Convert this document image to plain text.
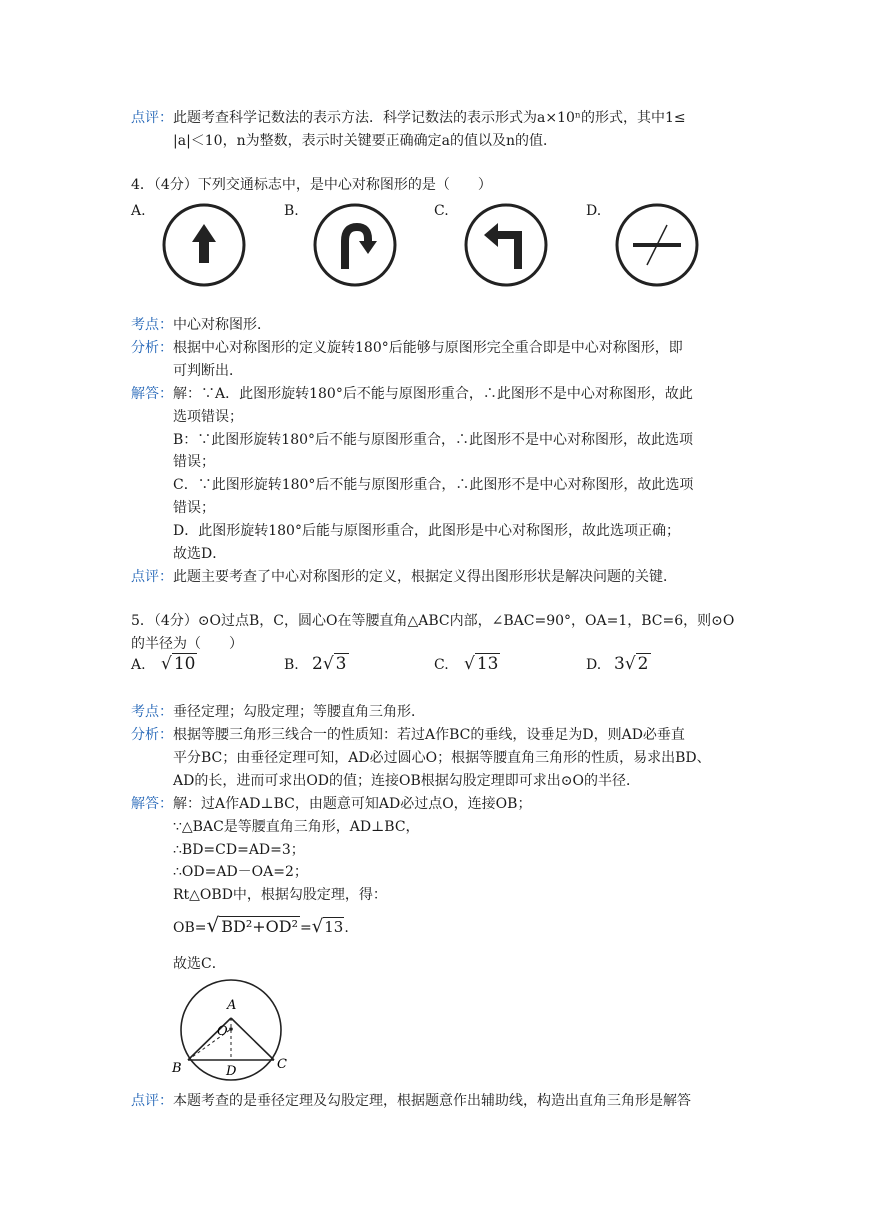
点评：此题考查科学记数法的表示方法．科学记数法的表示形式为a×10ⁿ的形式，其中1≤
|a|＜10，n为整数，表示时关键要正确确定a的值以及n的值．
4．（4分）下列交通标志中，是中心对称图形的是（　　）
A.	B.	C.	D.
考点：中心对称图形．
分析：根据中心对称图形的定义旋转180°后能够与原图形完全重合即是中心对称图形，即
可判断出．
解答：解：∵A．此图形旋转180°后不能与原图形重合，∴此图形不是中心对称图形，故此
选项错误；
B：∵此图形旋转180°后不能与原图形重合，∴此图形不是中心对称图形，故此选项
错误；
C．∵此图形旋转180°后不能与原图形重合，∴此图形不是中心对称图形，故此选项
错误；
D．此图形旋转180°后能与原图形重合，此图形是中心对称图形，故此选项正确；
故选D．
点评：此题主要考查了中心对称图形的定义，根据定义得出图形形状是解决问题的关键．
5．（4分）⊙O过点B，C，圆心O在等腰直角△ABC内部，∠BAC=90°，OA=1，BC=6，则⊙O
的半径为（　　）
A. √ 10	B. 2√ 3	C. √ 13	D. 3√ 2
考点：垂径定理；勾股定理；等腰直角三角形．
分析：根据等腰三角形三线合一的性质知：若过A作BC的垂线，设垂足为D，则AD必垂直
平分BC；由垂径定理可知，AD必过圆心O；根据等腰直角三角形的性质，易求出BD、
AD的长，进而可求出OD的值；连接OB根据勾股定理即可求出⊙O的半径．
解答：解：过A作AD⊥BC，由题意可知AD必过点O，连接OB；
∵△BAC是等腰直角三角形，AD⊥BC，
∴BD=CD=AD=3；
∴OD=AD－OA=2；
Rt△OBD中，根据勾股定理，得：
OB=√ BD²+OD² =√13.
故选C．
A
O
B	C
D
点评：本题考查的是垂径定理及勾股定理，根据题意作出辅助线，构造出直角三角形是解答
